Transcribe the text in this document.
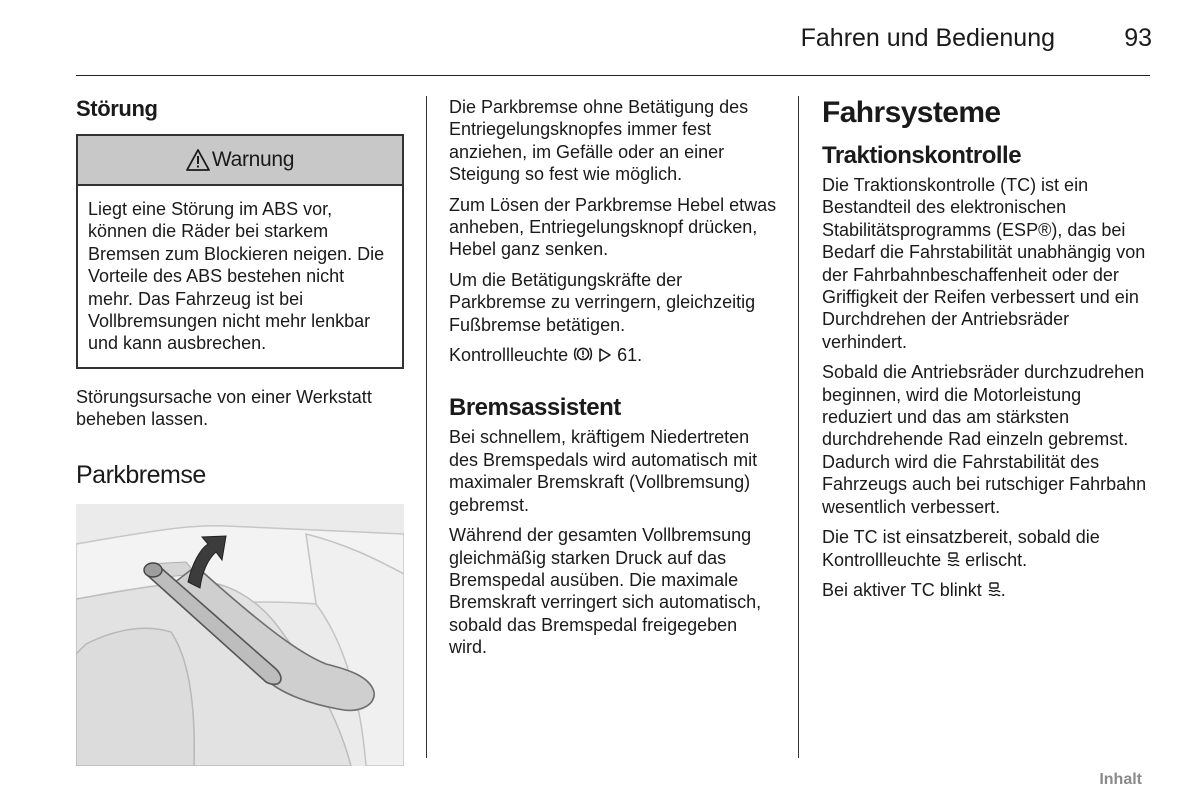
Fahren und Bedienung	93
Störung
Warnung

Liegt eine Störung im ABS vor, können die Räder bei starkem Bremsen zum Blockieren neigen. Die Vorteile des ABS bestehen nicht mehr. Das Fahrzeug ist bei Vollbremsungen nicht mehr lenkbar und kann ausbrechen.

Störungsursache von einer Werkstatt beheben lassen.

Parkbremse

Die Parkbremse ohne Betätigung des Entriegelungsknopfes immer fest anziehen, im Gefälle oder an einer Steigung so fest wie möglich.

Zum Lösen der Parkbremse Hebel etwas anheben, Entriegelungsknopf drücken, Hebel ganz senken.

Um die Betätigungskräfte der Parkbremse zu verringern, gleichzeitig Fußbremse betätigen.

Kontrollleuchte	61.

Bremsassistent

Bei schnellem, kräftigem Niedertreten des Bremspedals wird automatisch mit maximaler Bremskraft (Vollbremsung) gebremst.

Während der gesamten Vollbremsung gleichmäßig starken Druck auf das Bremspedal ausüben. Die maximale Bremskraft verringert sich automatisch, sobald das Bremspedal freigegeben wird.

Fahrsysteme
Traktionskontrolle

Die Traktionskontrolle (TC) ist ein Bestandteil des elektronischen Stabilitätsprogramms (ESP®), das bei Bedarf die Fahrstabilität unabhängig von der Fahrbahnbeschaffenheit oder der Griffigkeit der Reifen verbessert und ein Durchdrehen der Antriebsräder verhindert.

Sobald die Antriebsräder durchzudrehen beginnen, wird die Motorleistung reduziert und das am stärksten durchdrehende Rad einzeln gebremst. Dadurch wird die Fahrstabilität des Fahrzeugs auch bei rutschiger Fahrbahn wesentlich verbessert.

Die TC ist einsatzbereit, sobald die Kontrollleuchte erlischt.

Bei aktiver TC blinkt .

Inhalt
